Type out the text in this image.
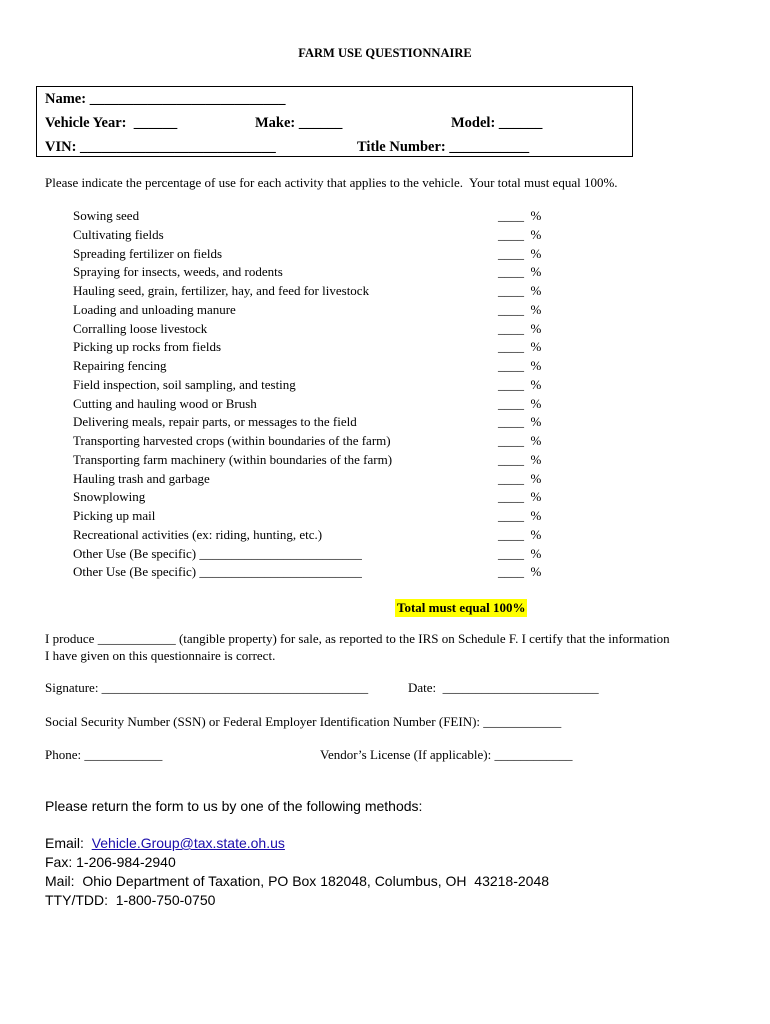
FARM USE QUESTIONNAIRE
Name: ___________________________
Vehicle Year:  ______	Make: ______	Model: ______
VIN: ___________________________	Title Number: ___________
Please indicate the percentage of use for each activity that applies to the vehicle.  Your total must equal 100%.
Sowing seed	____  %
Cultivating fields	____  %
Spreading fertilizer on fields	____  %
Spraying for insects, weeds, and rodents	____  %
Hauling seed, grain, fertilizer, hay, and feed for livestock	____  %
Loading and unloading manure	____  %
Corralling loose livestock	____  %
Picking up rocks from fields	____  %
Repairing fencing	____  %
Field inspection, soil sampling, and testing	____  %
Cutting and hauling wood or Brush	____  %
Delivering meals, repair parts, or messages to the field	____  %
Transporting harvested crops (within boundaries of the farm)	____  %
Transporting farm machinery (within boundaries of the farm)	____  %
Hauling trash and garbage	____  %
Snowplowing	____  %
Picking up mail	____  %
Recreational activities (ex: riding, hunting, etc.)	____  %
Other Use (Be specific) _________________________	____  %
Other Use (Be specific) _________________________	____  %
Total must equal 100%
I produce ____________ (tangible property) for sale, as reported to the IRS on Schedule F. I certify that the information
I have given on this questionnaire is correct.
Signature: _________________________________________	Date:  ________________________
Social Security Number (SSN) or Federal Employer Identification Number (FEIN): ____________
Phone: ____________	Vendor’s License (If applicable): ____________
Please return the form to us by one of the following methods:
Email:  Vehicle.Group@tax.state.oh.us
Fax: 1-206-984-2940
Mail:  Ohio Department of Taxation, PO Box 182048, Columbus, OH  43218-2048
TTY/TDD:  1-800-750-0750
